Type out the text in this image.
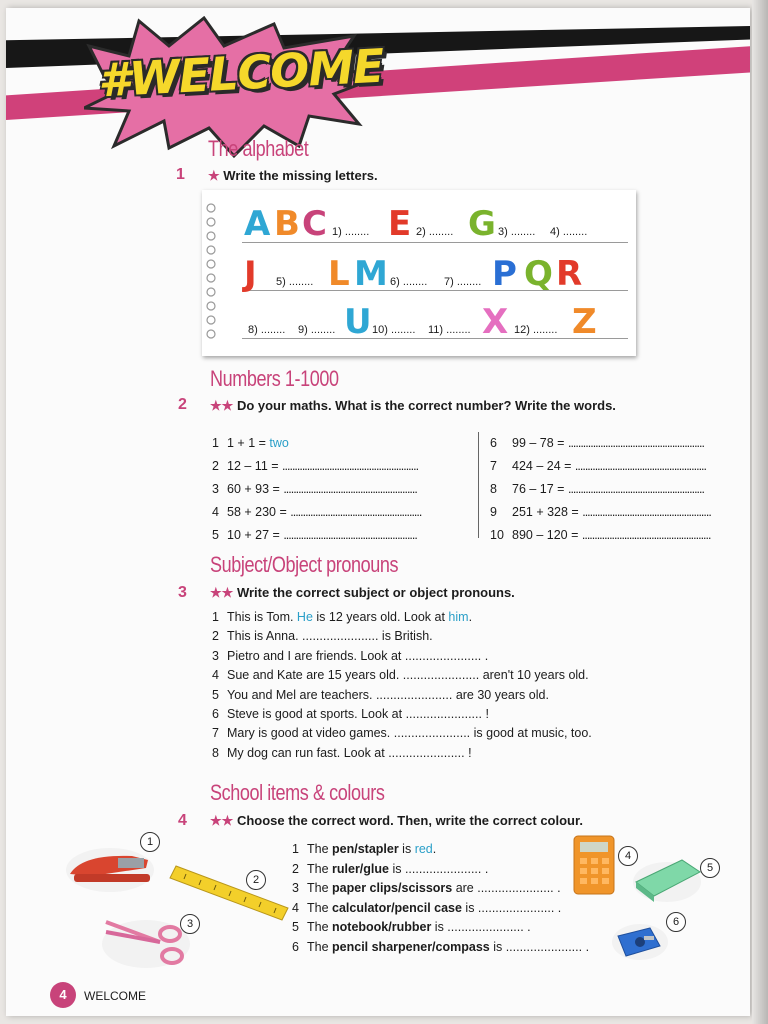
#WELCOME
The alphabet
1 ★ Write the missing letters.
A B C 1) ........ E 2) ........ G 3) ........ 4) ........
J 5) ........ L M 6) ........ 7) ........ P Q R
8) ........ 9) ........ U 10) ........ 11) ........ X 12) ........ Z
Numbers 1-1000
2 ★★ Do your maths. What is the correct number? Write the words.
1 1 + 1 = two
2 12 – 11 = .......................................................
3 60 + 93 = ......................................................
4 58 + 230 = .....................................................
5 10 + 27 = ......................................................
6 99 – 78 = .......................................................
7 424 – 24 = .....................................................
8 76 – 17 = .......................................................
9 251 + 328 = ....................................................
10 890 – 120 = ....................................................
Subject/Object pronouns
3 ★★ Write the correct subject or object pronouns.
1 This is Tom. He is 12 years old. Look at him.
2 This is Anna. ...................... is British.
3 Pietro and I are friends. Look at ...................... .
4 Sue and Kate are 15 years old. ...................... aren't 10 years old.
5 You and Mel are teachers. ...................... are 30 years old.
6 Steve is good at sports. Look at ...................... !
7 Mary is good at video games. ...................... is good at music, too.
8 My dog can run fast. Look at ...................... !
School items & colours
4 ★★ Choose the correct word. Then, write the correct colour.
1 The pen/stapler is red.
2 The ruler/glue is ...................... .
3 The paper clips/scissors are ...................... .
4 The calculator/pencil case is ...................... .
5 The notebook/rubber is ...................... .
6 The pencil sharpener/compass is ...................... .
1
2
3
4
5
6
4	WELCOME
